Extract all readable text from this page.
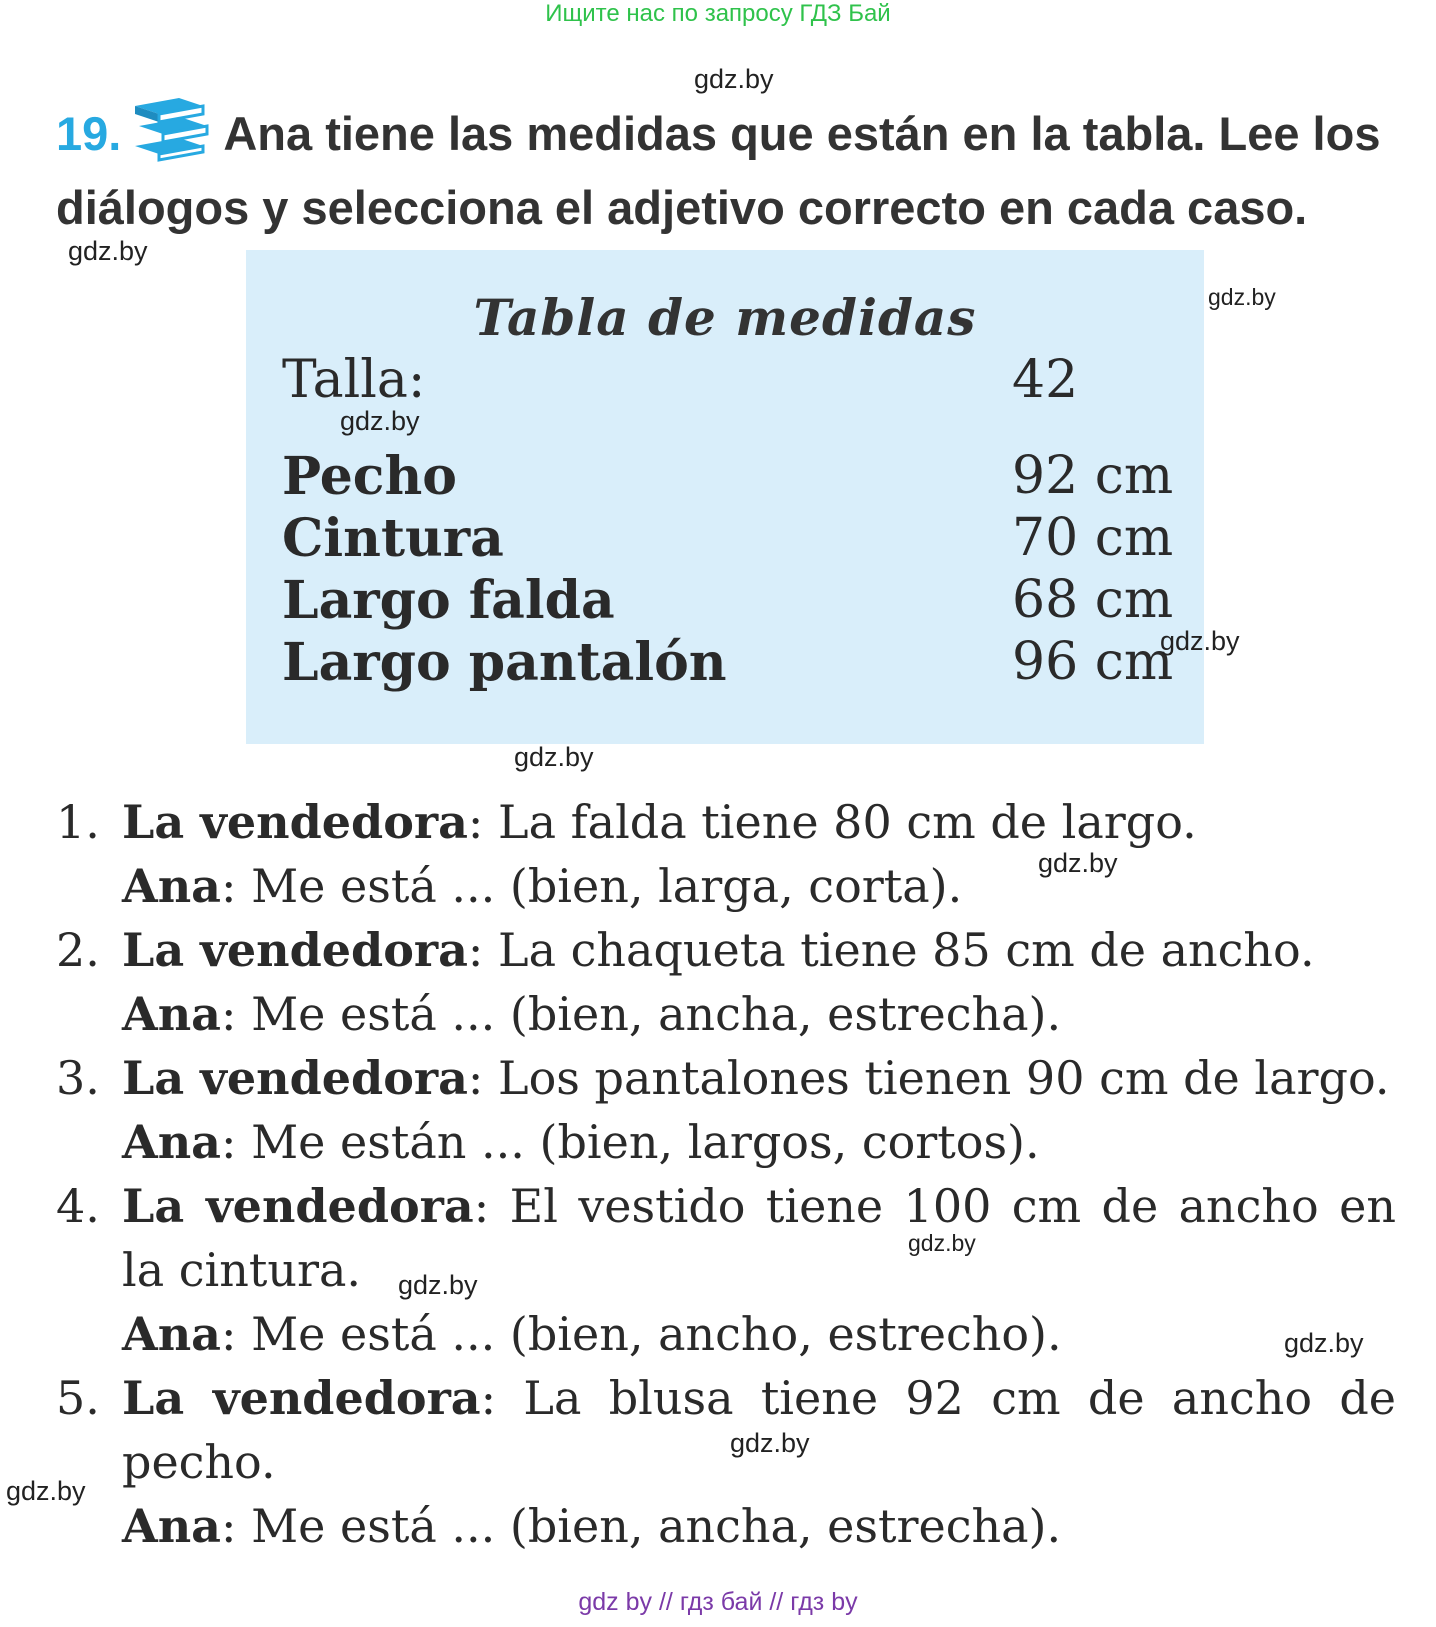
Ищите нас по запросу ГДЗ Бай
19. Ana tiene las medidas que están en la tabla. Lee los
diálogos y selecciona el adjetivo correcto en cada caso.
Tabla de medidas
Talla:	42
Pecho	92 cm
Cintura	70 cm
Largo falda	68 cm
Largo pantalón	96 cm
1. La vendedora: La falda tiene 80 cm de largo.

Ana: Me está ... (bien, larga, corta).

2. La vendedora: La chaqueta tiene 85 cm de ancho.

Ana: Me está ... (bien, ancha, estrecha).

3. La vendedora: Los pantalones tienen 90 cm de largo.

Ana: Me están ... (bien, largos, cortos).

4. La vendedora: El vestido tiene 100 cm de ancho en

la cintura.

Ana: Me está ... (bien, ancho, estrecho).

5. La vendedora: La blusa tiene 92 cm de ancho de

pecho.

Ana: Me está ... (bien, ancha, estrecha).

gdz.by
gdz.by
gdz.by
gdz.by
gdz.by
gdz.by
gdz.by
gdz.by
gdz.by
gdz.by
gdz.by
gdz.by
gdz by // гдз бай // гдз by
